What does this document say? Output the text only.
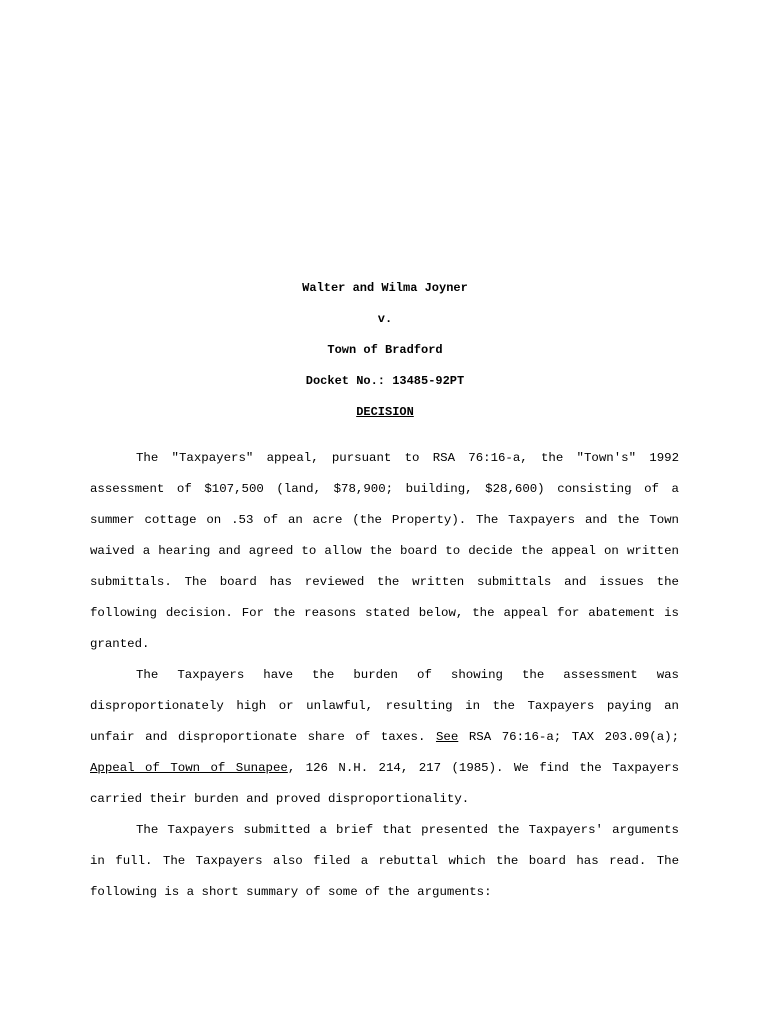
Walter and Wilma Joyner
v.
Town of Bradford
Docket No.: 13485-92PT
DECISION
The "Taxpayers" appeal, pursuant to RSA 76:16-a, the "Town's" 1992
assessment of $107,500 (land, $78,900; building, $28,600) consisting of a
summer cottage on .53 of an acre (the Property). The Taxpayers and the Town
waived a hearing and agreed to allow the board to decide the appeal on written
submittals. The board has reviewed the written submittals and issues the
following decision. For the reasons stated below, the appeal for abatement is
granted.
The Taxpayers have the burden of showing the assessment was
disproportionately high or unlawful, resulting in the Taxpayers paying an
unfair and disproportionate share of taxes. See RSA 76:16-a; TAX 203.09(a);
Appeal of Town of Sunapee, 126 N.H. 214, 217 (1985). We find the Taxpayers
carried their burden and proved disproportionality.
The Taxpayers submitted a brief that presented the Taxpayers' arguments
in full. The Taxpayers also filed a rebuttal which the board has read. The
following is a short summary of some of the arguments:
